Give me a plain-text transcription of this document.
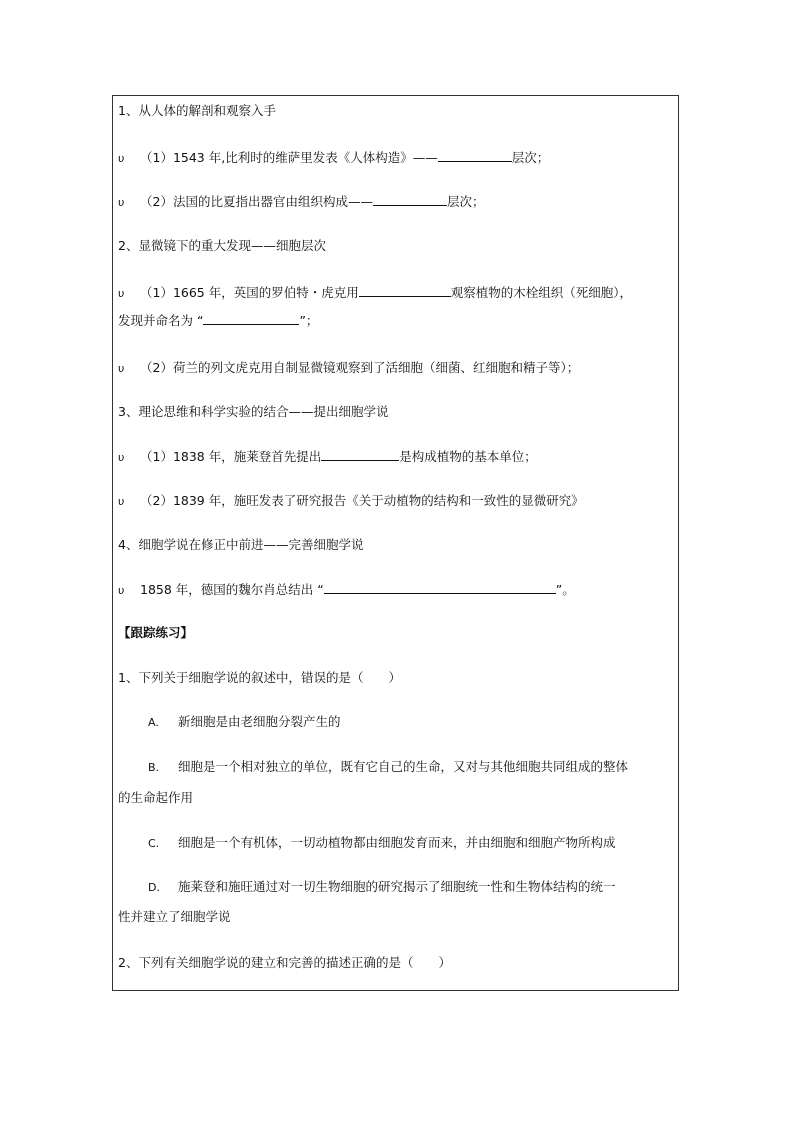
1、从人体的解剖和观察入手
υ （1）1543 年,比利时的维萨里发表《人体构造》——	层次；
υ （2）法国的比夏指出器官由组织构成——	层次；
2、显微镜下的重大发现——细胞层次
υ （1）1665 年，英国的罗伯特・虎克用	观察植物的木栓组织（死细胞），
发现并命名为 “	”；
υ （2）荷兰的列文虎克用自制显微镜观察到了活细胞（细菌、红细胞和精子等）；
3、理论思维和科学实验的结合——提出细胞学说
υ （1）1838 年，施莱登首先提出	是构成植物的基本单位；
υ （2）1839 年，施旺发表了研究报告《关于动植物的结构和一致性的显微研究》
4、细胞学说在修正中前进——完善细胞学说
υ 1858 年，德国的魏尔肖总结出 “	”。
【跟踪练习】
1、下列关于细胞学说的叙述中，错误的是（　　）
A. 新细胞是由老细胞分裂产生的
B. 细胞是一个相对独立的单位，既有它自己的生命，又对与其他细胞共同组成的整体
的生命起作用
C. 细胞是一个有机体，一切动植物都由细胞发育而来，并由细胞和细胞产物所构成
D. 施莱登和施旺通过对一切生物细胞的研究揭示了细胞统一性和生物体结构的统一
性并建立了细胞学说
2、下列有关细胞学说的建立和完善的描述正确的是（　　）
